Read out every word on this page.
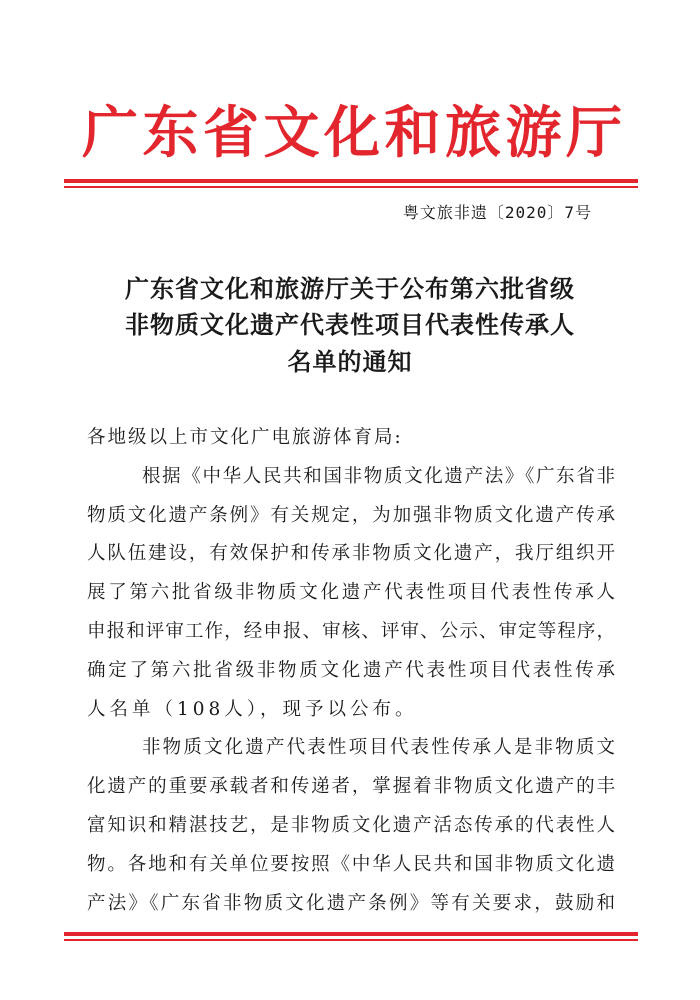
广东省文化和旅游厅
粤文旅非遗〔2020〕7号
广东省文化和旅游厅关于公布第六批省级
非物质文化遗产代表性项目代表性传承人
名单的通知
各地级以上市文化广电旅游体育局:
根据《中华人民共和国非物质文化遗产法》《广东省非
物质文化遗产条例》有关规定，为加强非物质文化遗产传承
人队伍建设，有效保护和传承非物质文化遗产，我厅组织开
展了第六批省级非物质文化遗产代表性项目代表性传承人
申报和评审工作，经申报、审核、评审、公示、审定等程序，
确定了第六批省级非物质文化遗产代表性项目代表性传承
人名单（108人），现予以公布。
非物质文化遗产代表性项目代表性传承人是非物质文
化遗产的重要承载者和传递者，掌握着非物质文化遗产的丰
富知识和精湛技艺，是非物质文化遗产活态传承的代表性人
物。各地和有关单位要按照《中华人民共和国非物质文化遗
产法》《广东省非物质文化遗产条例》等有关要求，鼓励和
